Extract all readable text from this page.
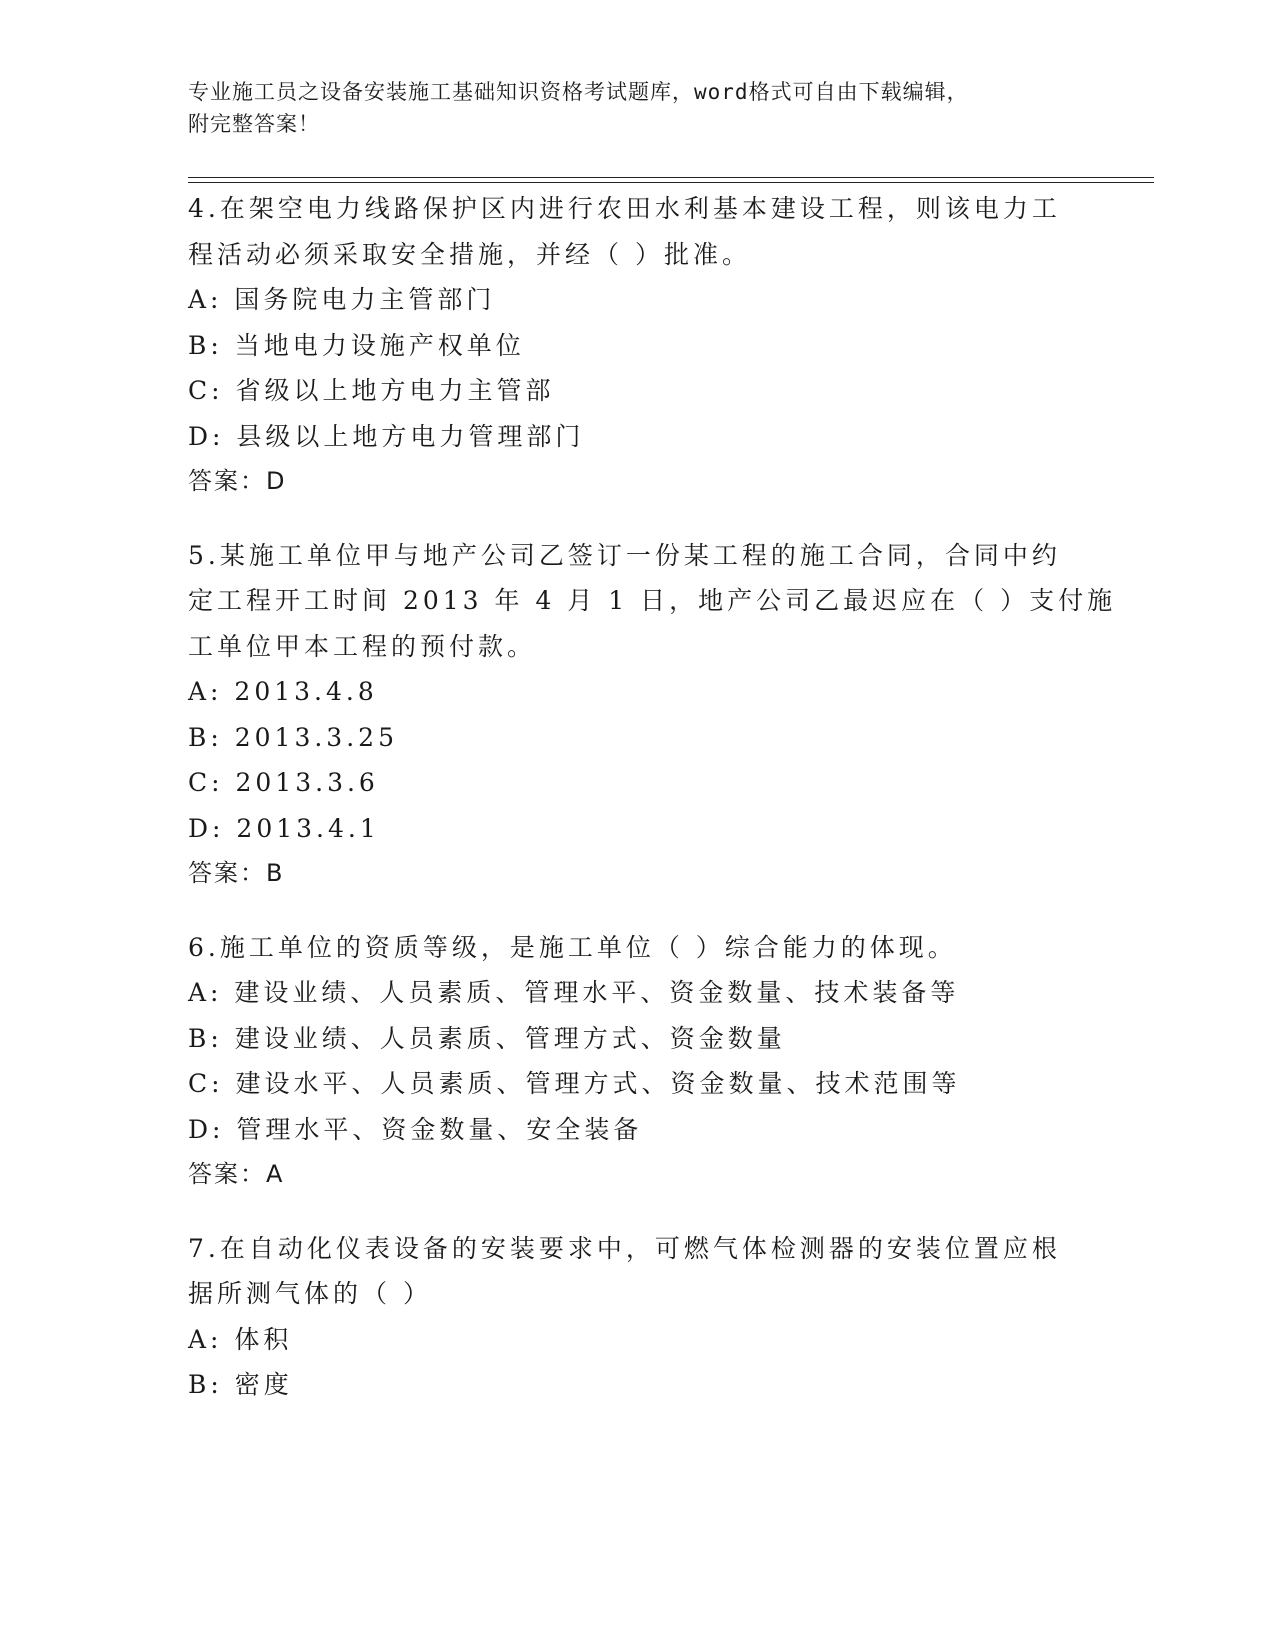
专业施工员之设备安装施工基础知识资格考试题库，word格式可自由下载编辑，
附完整答案！
4.在架空电力线路保护区内进行农田水利基本建设工程，则该电力工
程活动必须采取安全措施，并经（ ）批准。
A: 国务院电力主管部门
B: 当地电力设施产权单位
C: 省级以上地方电力主管部
D: 县级以上地方电力管理部门
答案：D
5.某施工单位甲与地产公司乙签订一份某工程的施工合同，合同中约
定工程开工时间 2013 年 4 月 1 日，地产公司乙最迟应在（ ）支付施
工单位甲本工程的预付款。
A: 2013.4.8
B: 2013.3.25
C: 2013.3.6
D: 2013.4.1
答案：B
6.施工单位的资质等级，是施工单位（ ）综合能力的体现。
A: 建设业绩、人员素质、管理水平、资金数量、技术装备等
B: 建设业绩、人员素质、管理方式、资金数量
C: 建设水平、人员素质、管理方式、资金数量、技术范围等
D: 管理水平、资金数量、安全装备
答案：A
7.在自动化仪表设备的安装要求中，可燃气体检测器的安装位置应根
据所测气体的（ ）
A: 体积
B: 密度
